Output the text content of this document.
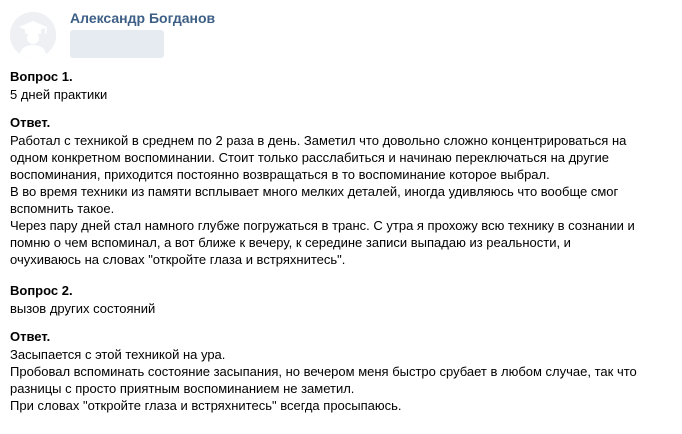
Александр Богданов
Вопрос 1.
5 дней практики
Ответ.
Работал с техникой в среднем по 2 раза в день. Заметил что довольно сложно концентрироваться на
одном конкретном воспоминании. Стоит только расслабиться и начинаю переключаться на другие
воспоминания, приходится постоянно возвращаться в то воспоминание которое выбрал.
В во время техники из памяти всплывает много мелких деталей, иногда удивляюсь что вообще смог
вспомнить такое.
Через пару дней стал намного глубже погружаться в транс. С утра я прохожу всю технику в сознании и
помню о чем вспоминал, а вот ближе к вечеру, к середине записи выпадаю из реальности, и
очухиваюсь на словах "откройте глаза и встряхнитесь".
Вопрос 2.
вызов других состояний
Ответ.
Засыпается с этой техникой на ура.
Пробовал вспоминать состояние засыпания, но вечером меня быстро срубает в любом случае, так что
разницы с просто приятным воспоминанием не заметил.
При словах "откройте глаза и встряхнитесь" всегда просыпаюсь.
